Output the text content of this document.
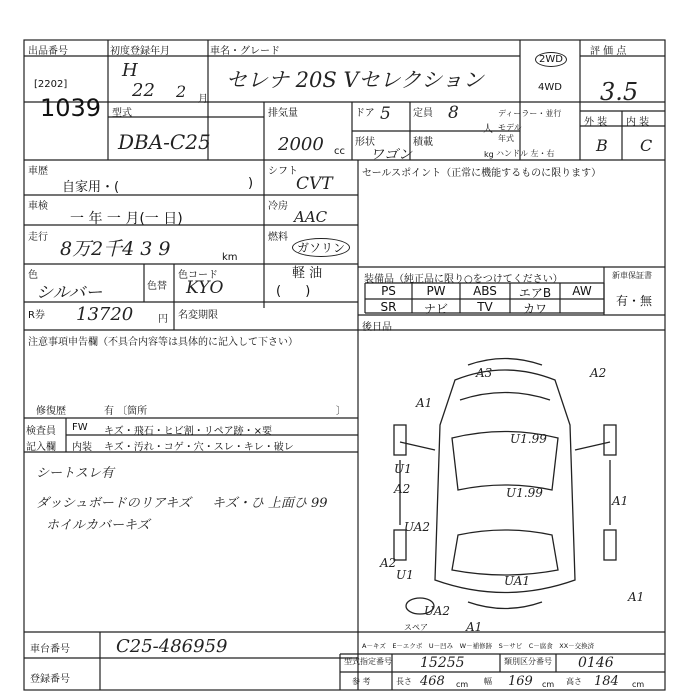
出品番号
[2202]
1039
初度登録年月
H
22 2 月
車名・グレード
セレナ 20S Vセレクション
2WD
4WD
評 価 点
3.5
型式
DBA-C25
排気量
2000 cc
ドア 5 定員 8
人
ディーラー・並行
モデル
年式
形状
ワゴン
積載
kg ハンドル 左・右
外 装 内 装
B C
車歴
自家用・(	)
シフト
CVT
セールスポイント（正常に機能するものに限ります）
車検
一 年 一 月(一 日)
冷房
AAC
走行
8万2千4 3 9	km
燃料
ガソリン
軽 油
( )
色
シルバー	色替
色コード
KYO	装備品（純正品に限り○をつけてください）	新車保証書
有・無
PS	PW	ABS	エアB	AW
SR	ナビ	TV	カワ
R券 13720 円 名変期限
後日品
注意事項申告欄（不具合内容等は具体的に記入して下さい）
修復歴	有 〔箇所	〕
検査員
記入欄
FW キズ・飛石・ヒビ割・リペア跡・×要
内装 キズ・汚れ・コゲ・穴・スレ・キレ・破レ
シートスレ有
ダッシュボードのリアキズ キズ・ひ 上面ひ 99
ホイルカバーキズ
A3	A2
A1
U1.99
U1
A2	U1.99
UA2
U1
A2
UA1
UA2
A1
A1
A1
スペア
A－キズ　E－エクボ　U－凹み　W－補修跡　S－サビ　C－腐食　XX－交換済
車台番号	C25-486959
登録番号
型式指定番号 15255	類別区分番号 0146
参 考	長さ 468 cm 幅 169 cm 高さ 184 cm
